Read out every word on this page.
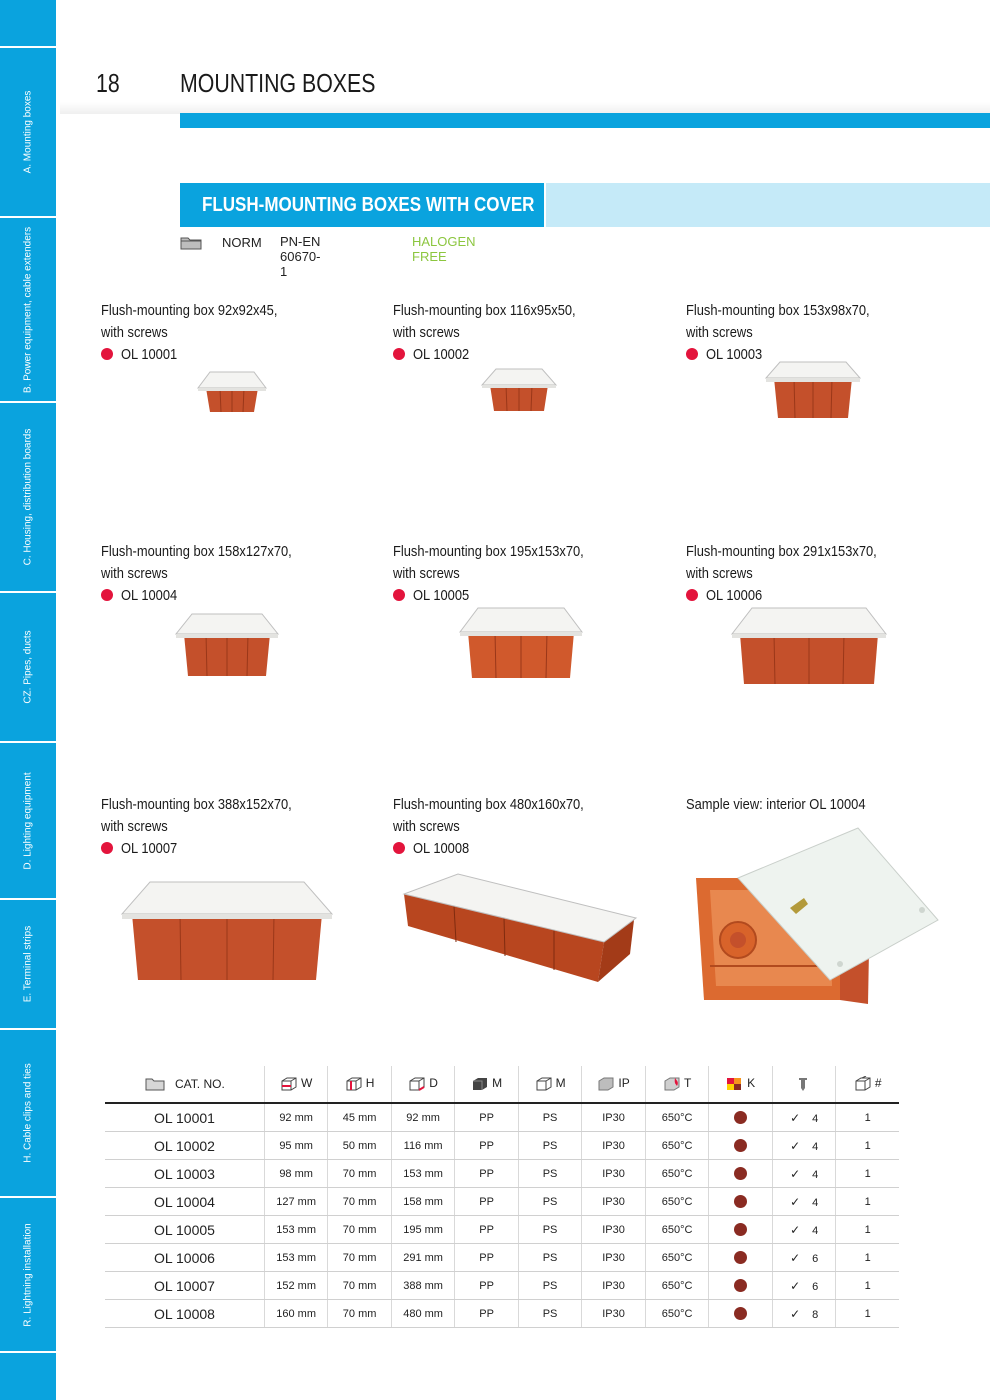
A. Mounting boxes
B. Power equipment, cable extenders
C. Housing, distribution boards
CZ. Pipes, ducts
D. Lighting equipment
E. Terminal strips
H. Cable clips and ties
R. Lightning installation
18 MOUNTING BOXES
FLUSH-MOUNTING BOXES WITH COVER
NORM PN-EN 60670-1
HALOGEN FREE
Flush-mounting box 92x92x45,
with screws
OL 10001
Flush-mounting box 116x95x50,
with screws
OL 10002
Flush-mounting box 153x98x70,
with screws
OL 10003
Flush-mounting box 158x127x70,
with screws
OL 10004
Flush-mounting box 195x153x70,
with screws
OL 10005
Flush-mounting box 291x153x70,
with screws
OL 10006
Flush-mounting box 388x152x70,
with screws
OL 10007
Flush-mounting box 480x160x70,
with screws
OL 10008
Sample view: interior OL 10004
CAT. NO.	W	H	D	M	M	IP	T	K		#
OL 10001	92 mm	45 mm	92 mm	PP	PS	IP30	650°C		✓ 4	1
OL 10002	95 mm	50 mm	116 mm	PP	PS	IP30	650°C		✓ 4	1
OL 10003	98 mm	70 mm	153 mm	PP	PS	IP30	650°C		✓ 4	1
OL 10004	127 mm	70 mm	158 mm	PP	PS	IP30	650°C		✓ 4	1
OL 10005	153 mm	70 mm	195 mm	PP	PS	IP30	650°C		✓ 4	1
OL 10006	153 mm	70 mm	291 mm	PP	PS	IP30	650°C		✓ 6	1
OL 10007	152 mm	70 mm	388 mm	PP	PS	IP30	650°C		✓ 6	1
OL 10008	160 mm	70 mm	480 mm	PP	PS	IP30	650°C		✓ 8	1
